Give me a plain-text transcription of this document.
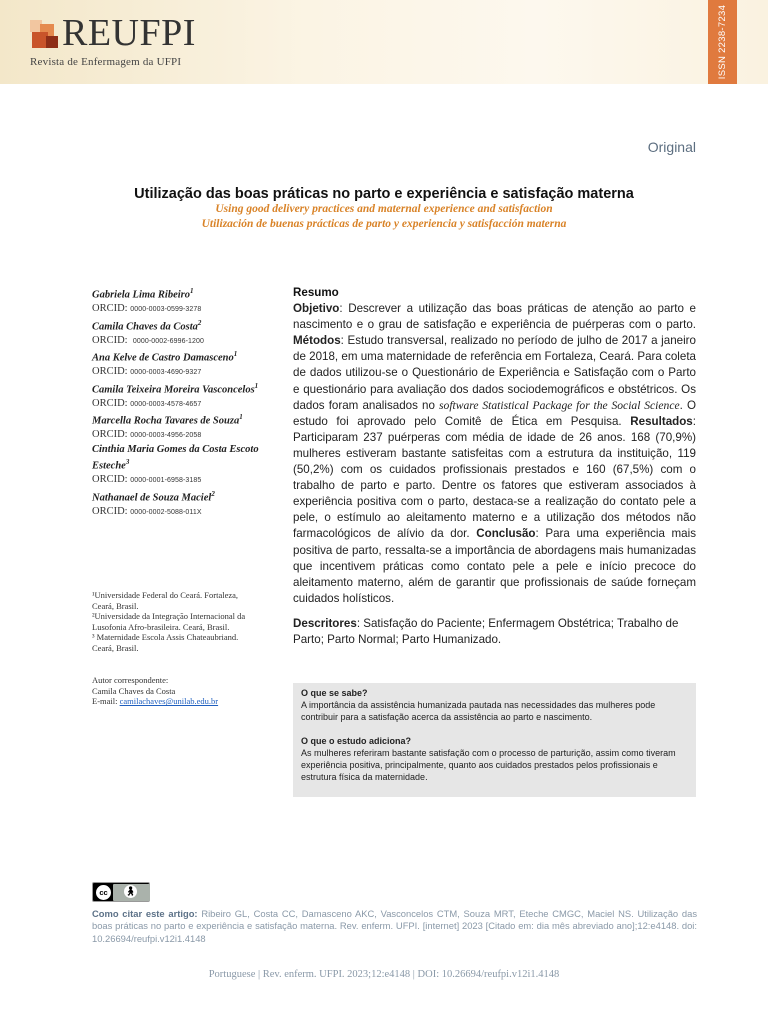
REUFPI
Revista de Enfermagem da UFPI	ISSN 2238-7234
Original
Utilização das boas práticas no parto e experiência e satisfação materna
Using good delivery practices and maternal experience and satisfaction
Utilización de buenas prácticas de parto y experiencia y satisfacción materna
Gabriela Lima Ribeiro$^1$
ORCID: 0000-0003-0599-3278
Camila Chaves da Costa$^2$
ORCID: 0000-0002-6996-1200
Ana Kelve de Castro Damasceno$^1$
ORCID: 0000-0003-4690-9327
Camila Teixeira Moreira Vasconcelos$^1$
ORCID: 0000-0003-4578-4657
Marcella Rocha Tavares de Souza$^1$
ORCID: 0000-0003-4956-2058
Cinthia Maria Gomes da Costa Escoto Esteche$^3$
ORCID: 0000-0001-6958-3185
Nathanael de Souza Maciel$^2$
ORCID: 0000-0002-5088-011X
¹Universidade Federal do Ceará. Fortaleza, Ceará, Brasil.
²Universidade da Integração Internacional da Lusofonia Afro-brasileira. Ceará, Brasil.
³ Maternidade Escola Assis Chateaubriand. Ceará, Brasil.
Autor correspondente:
Camila Chaves da Costa
E-mail: camilachaves@unilab.edu.br
Resumo
Objetivo: Descrever a utilização das boas práticas de atenção ao parto e nascimento e o grau de satisfação e experiência de puérperas com o parto. Métodos: Estudo transversal, realizado no período de julho de 2017 a janeiro de 2018, em uma maternidade de referência em Fortaleza, Ceará. Para coleta de dados utilizou-se o Questionário de Experiência e Satisfação com o Parto e questionário para avaliação dos dados sociodemográficos e obstétricos. Os dados foram analisados no software Statistical Package for the Social Science. O estudo foi aprovado pelo Comitê de Ética em Pesquisa. Resultados: Participaram 237 puérperas com média de idade de 26 anos. 168 (70,9%) mulheres estiveram bastante satisfeitas com a estrutura da instituição, 119 (50,2%) com os cuidados profissionais prestados e 160 (67,5%) com o trabalho de parto e parto. Dentre os fatores que estiveram associados à experiência positiva com o parto, destaca-se a realização do contato pele a pele, o estímulo ao aleitamento materno e a utilização dos métodos não farmacológicos de alívio da dor. Conclusão: Para uma experiência mais positiva de parto, ressalta-se a importância de abordagens mais humanizadas que incentivem práticas como contato pele a pele e início precoce do aleitamento materno, além de garantir que profissionais de saúde forneçam cuidados holísticos.
Descritores: Satisfação do Paciente; Enfermagem Obstétrica; Trabalho de Parto; Parto Normal; Parto Humanizado.
O que se sabe?
A importância da assistência humanizada pautada nas necessidades das mulheres pode contribuir para a satisfação acerca da assistência ao parto e nascimento.
O que o estudo adiciona?
As mulheres referiram bastante satisfação com o processo de parturição, assim como tiveram experiência positiva, principalmente, quanto aos cuidados prestados pelos profissionais e estrutura física da maternidade.
cc	🚶︎
Como citar este artigo: Ribeiro GL, Costa CC, Damasceno AKC, Vasconcelos CTM, Souza MRT, Eteche CMGC, Maciel NS. Utilização das boas práticas no parto e experiência e satisfação materna. Rev. enferm. UFPI. [internet] 2023 [Citado em: dia mês abreviado ano];12:e4148. doi: 10.26694/reufpi.v12i1.4148
Portuguese | Rev. enferm. UFPI. 2023;12:e4148 | DOI: 10.26694/reufpi.v12i1.4148
